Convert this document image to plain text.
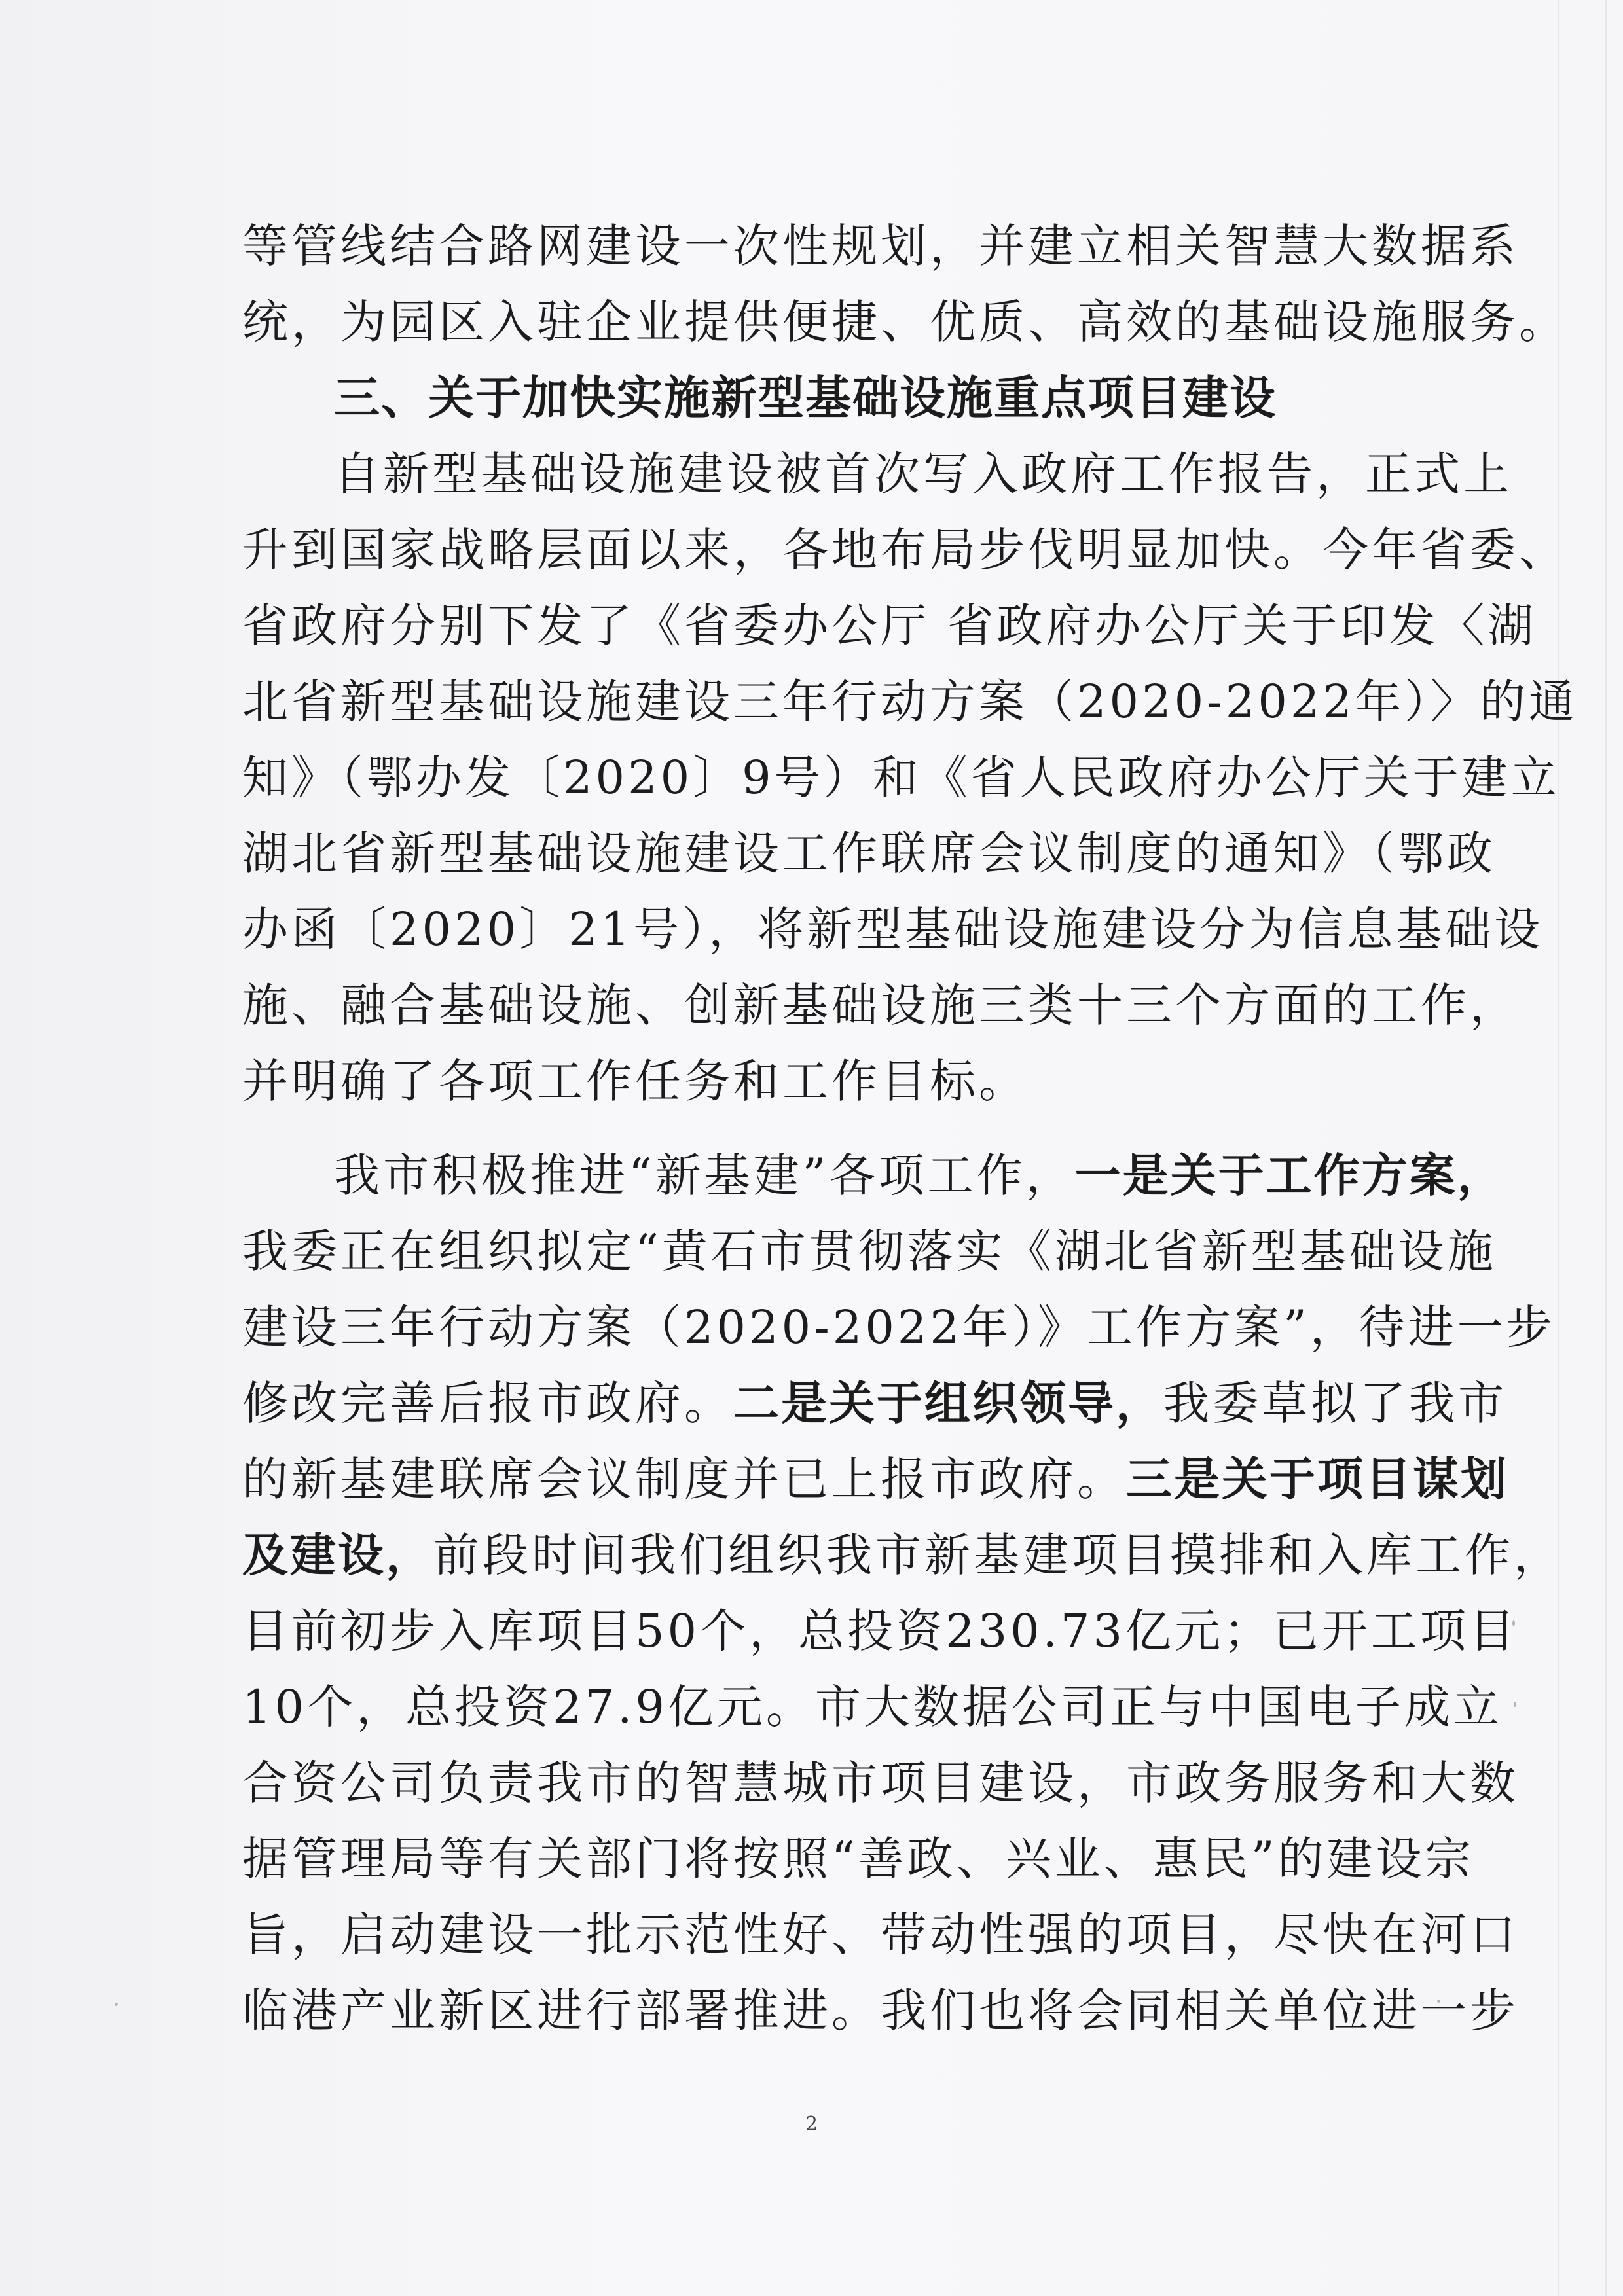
等管线结合路网建设一次性规划，并建立相关智慧大数据系
统，为园区入驻企业提供便捷、优质、高效的基础设施服务。
三、关于加快实施新型基础设施重点项目建设
自新型基础设施建设被首次写入政府工作报告，正式上
升到国家战略层面以来，各地布局步伐明显加快。今年省委、
省政府分别下发了《省委办公厅 省政府办公厅关于印发〈湖
北省新型基础设施建设三年行动方案（2020-2022年）〉的通
知》（鄂办发〔2020〕9号）和《省人民政府办公厅关于建立
湖北省新型基础设施建设工作联席会议制度的通知》（鄂政
办函〔2020〕21号），将新型基础设施建设分为信息基础设
施、融合基础设施、创新基础设施三类十三个方面的工作，
并明确了各项工作任务和工作目标。
我市积极推进“新基建”各项工作，一是关于工作方案，
我委正在组织拟定“黄石市贯彻落实《湖北省新型基础设施
建设三年行动方案（2020-2022年）》工作方案”，待进一步
修改完善后报市政府。二是关于组织领导，我委草拟了我市
的新基建联席会议制度并已上报市政府。三是关于项目谋划
及建设，前段时间我们组织我市新基建项目摸排和入库工作，
目前初步入库项目50个，总投资230.73亿元；已开工项目
10个，总投资27.9亿元。市大数据公司正与中国电子成立
合资公司负责我市的智慧城市项目建设，市政务服务和大数
据管理局等有关部门将按照“善政、兴业、惠民”的建设宗
旨，启动建设一批示范性好、带动性强的项目，尽快在河口
临港产业新区进行部署推进。我们也将会同相关单位进一步
2
